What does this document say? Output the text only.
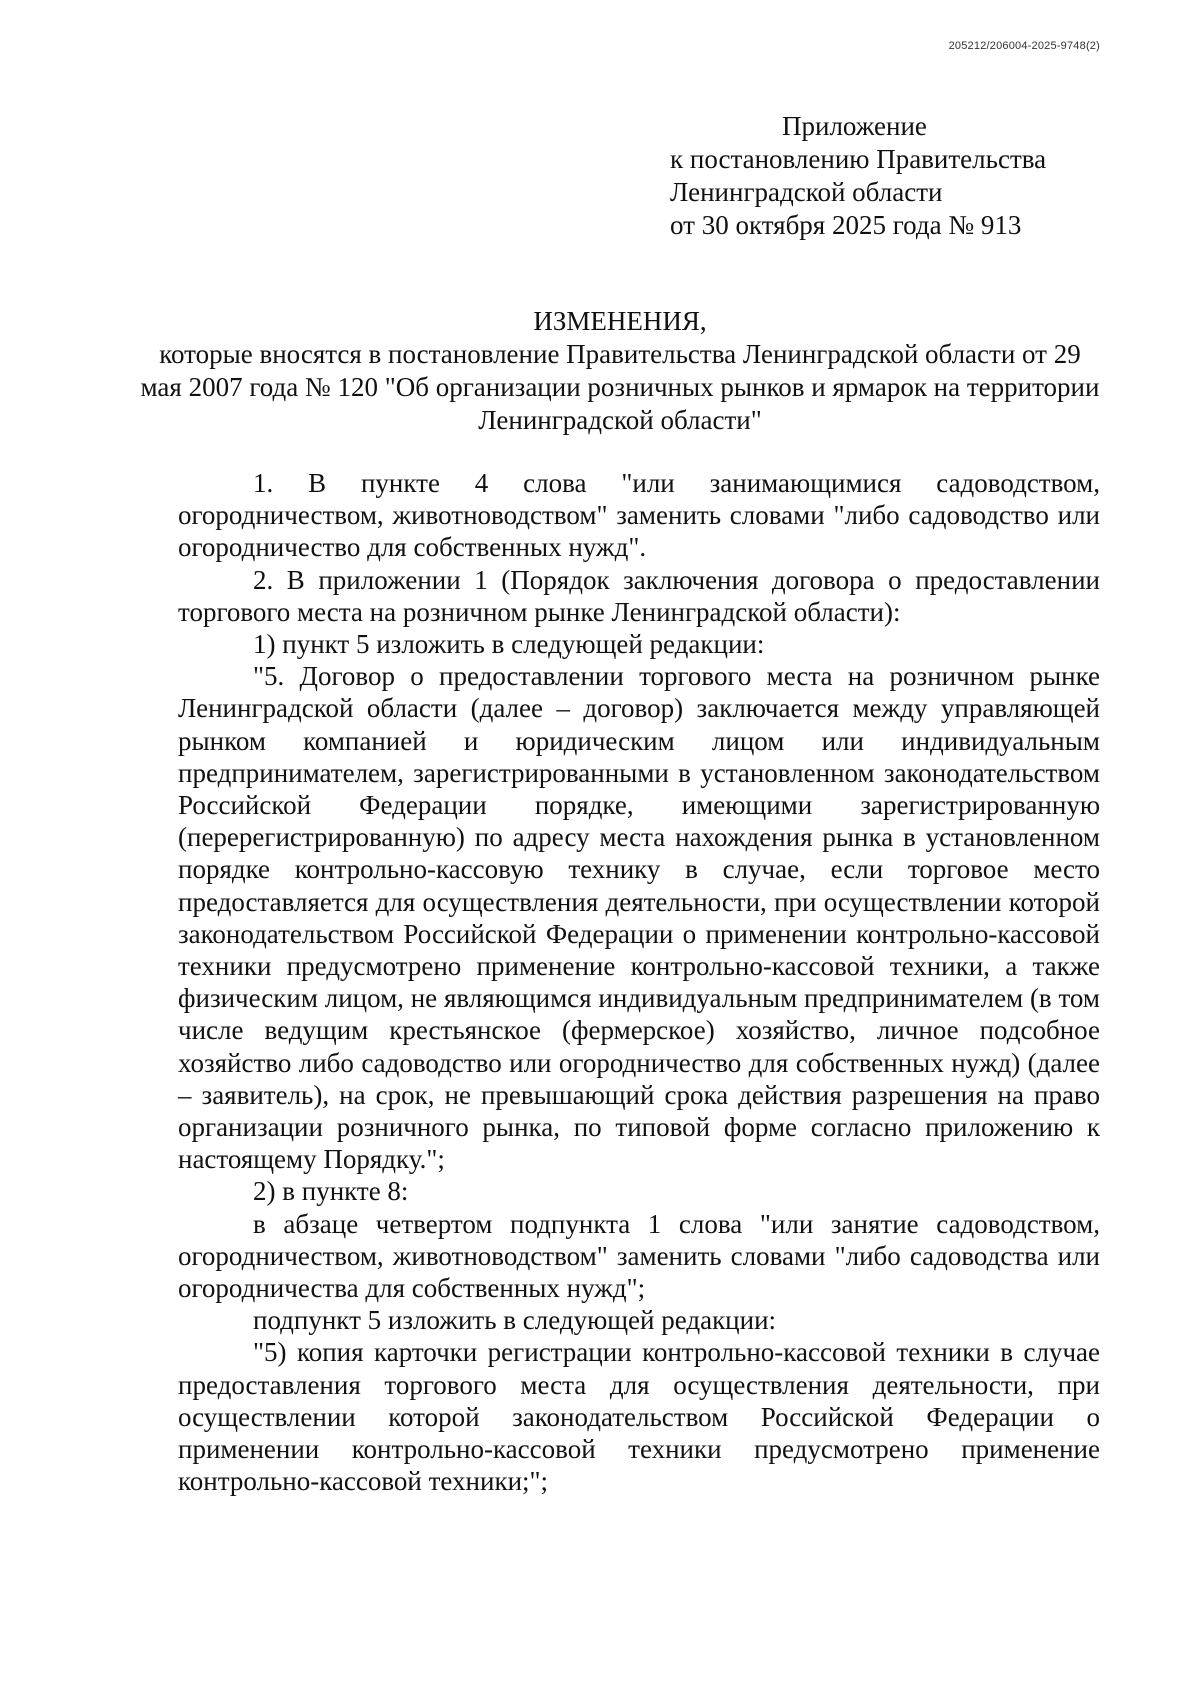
205212/206004-2025-9748(2)
Приложение
к постановлению Правительства
Ленинградской области
от 30 октября 2025 года № 913
ИЗМЕНЕНИЯ,
которые вносятся в постановление Правительства Ленинградской области от 29 мая 2007 года № 120 "Об организации розничных рынков и ярмарок на территории Ленинградской области"

1. В пункте 4 слова "или занимающимися садоводством, огородничеством, животноводством" заменить словами "либо садоводство или огородничество для собственных нужд".

2. В приложении 1 (Порядок заключения договора о предоставлении торгового места на розничном рынке Ленинградской области):

1) пункт 5 изложить в следующей редакции:

"5. Договор о предоставлении торгового места на розничном рынке Ленинградской области (далее – договор) заключается между управляющей рынком компанией и юридическим лицом или индивидуальным предпринимателем, зарегистрированными в установленном законодательством Российской Федерации порядке, имеющими зарегистрированную (перерегистрированную) по адресу места нахождения рынка в установленном порядке контрольно-кассовую технику в случае, если торговое место предоставляется для осуществления деятельности, при осуществлении которой законодательством Российской Федерации о применении контрольно-кассовой техники предусмотрено применение контрольно-кассовой техники, а также физическим лицом, не являющимся индивидуальным предпринимателем (в том числе ведущим крестьянское (фермерское) хозяйство, личное подсобное хозяйство либо садоводство или огородничество для собственных нужд) (далее – заявитель), на срок, не превышающий срока действия разрешения на право организации розничного рынка, по типовой форме согласно приложению к настоящему Порядку.";

2) в пункте 8:

в абзаце четвертом подпункта 1 слова "или занятие садоводством, огородничеством, животноводством" заменить словами "либо садоводства или огородничества для собственных нужд";

подпункт 5 изложить в следующей редакции:

"5) копия карточки регистрации контрольно-кассовой техники в случае предоставления торгового места для осуществления деятельности, при осуществлении которой законодательством Российской Федерации о применении контрольно-кассовой техники предусмотрено применение контрольно-кассовой техники;";
